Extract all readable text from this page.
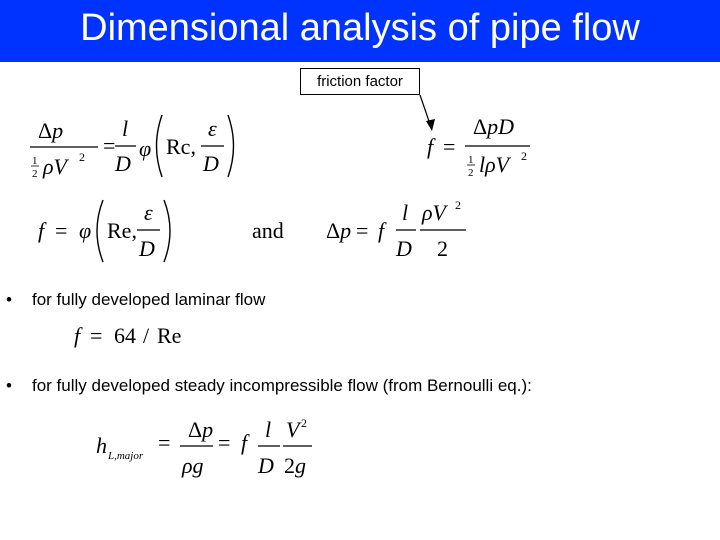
Dimensional analysis of pipe flow
friction factor
Δp
1
2 ρV 2 =
l
D
φ Rc,
ε
D
f =
ΔpD
1
2 lρV 2
f = φ Re,
ε
D
and Δp = f
l
D
ρV 2
2
• for fully developed laminar flow
f = 64 / Re
• for fully developed steady incompressible flow (from Bernoulli eq.):
h L,major
=
Δp
ρg
= f
l
D
V 2
2g
